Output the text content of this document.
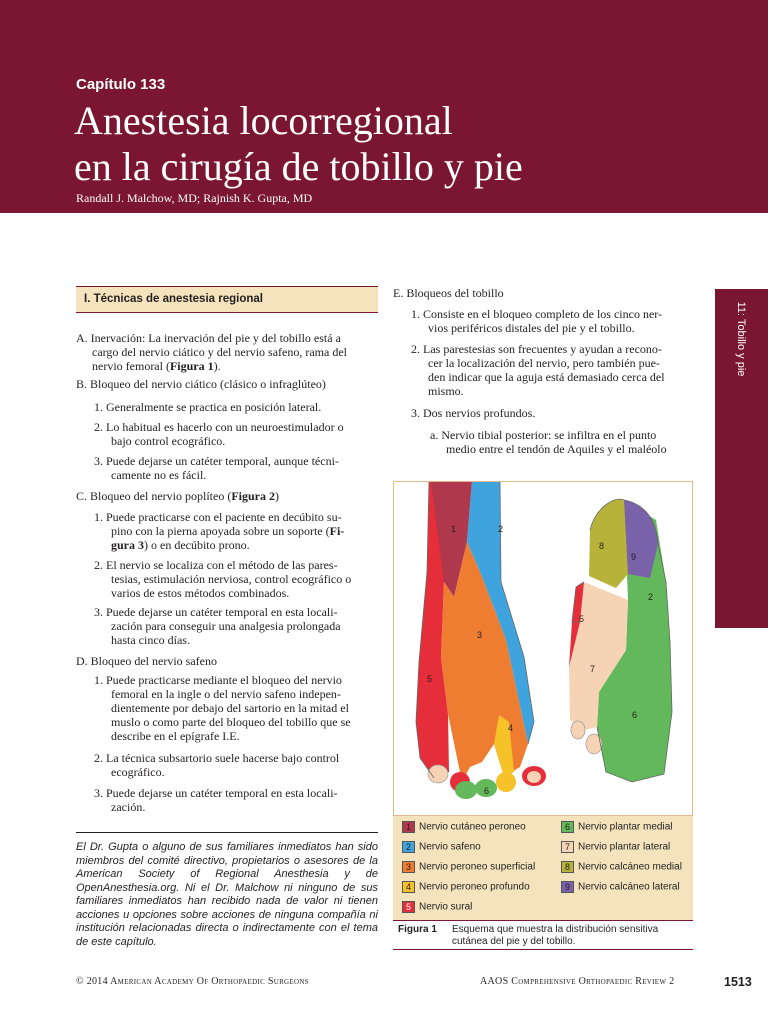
Capítulo 133
Anestesia locorregional
en la cirugía de tobillo y pie
Randall J. Malchow, MD; Rajnish K. Gupta, MD
11: Tobillo y pie
I. Técnicas de anestesia regional
A. Inervación: La inervación del pie y del tobillo está a
cargo del nervio ciático y del nervio safeno, rama del
nervio femoral (Figura 1).
B. Bloqueo del nervio ciático (clásico o infraglúteo)
1. Generalmente se practica en posición lateral.
2. Lo habitual es hacerlo con un neuroestimulador o
bajo control ecográfico.
3. Puede dejarse un catéter temporal, aunque técni-
camente no es fácil.
C. Bloqueo del nervio poplíteo (Figura 2)
1. Puede practicarse con el paciente en decúbito su-
pino con la pierna apoyada sobre un soporte (Fi-
gura 3) o en decúbito prono.
2. El nervio se localiza con el método de las pares-
tesias, estimulación nerviosa, control ecográfico o
varios de estos métodos combinados.
3. Puede dejarse un catéter temporal en esta locali-
zación para conseguir una analgesia prolongada
hasta cinco días.
D. Bloqueo del nervio safeno
1. Puede practicarse mediante el bloqueo del nervio
femoral en la ingle o del nervio safeno indepen-
dientemente por debajo del sartorio en la mitad el
muslo o como parte del bloqueo del tobillo que se
describe en el epígrafe I.E.
2. La técnica subsartorio suele hacerse bajo control
ecográfico.
3. Puede dejarse un catéter temporal en esta locali-
zación.
El Dr. Gupta o alguno de sus familiares inmediatos han sido miembros del comité directivo, propietarios o asesores de la American Society of Regional Anesthesia y de OpenAnesthesia.org. Ni el Dr. Malchow ni ninguno de sus familiares inmediatos han recibido nada de valor ni tienen acciones u opciones sobre acciones de ninguna compañía ni institución relacionadas directa o indirectamente con el tema de este capítulo.
E. Bloqueos del tobillo
1. Consiste en el bloqueo completo de los cinco ner-
vios periféricos distales del pie y el tobillo.
2. Las parestesias son frecuentes y ayudan a recono-
cer la localización del nervio, pero también pue-
den indicar que la aguja está demasiado cerca del
mismo.
3. Dos nervios profundos.
a. Nervio tibial posterior: se infiltra en el punto
medio entre el tendón de Aquiles y el maléolo
1	2
3
4
5
6
8
9
2
5
7
6
1 Nervio cutáneo peroneo
2 Nervio safeno
3 Nervio peroneo superficial
4 Nervio peroneo profundo
5 Nervio sural
6 Nervio plantar medial
7 Nervio plantar lateral
8 Nervio calcáneo medial
9 Nervio calcáneo lateral
Figura 1 Esquema que muestra la distribución sensitiva
cutánea del pie y del tobillo.
© 2014 American Academy Of Orthopaedic Surgeons	AAOS Comprehensive Orthopaedic Review 2	1513
